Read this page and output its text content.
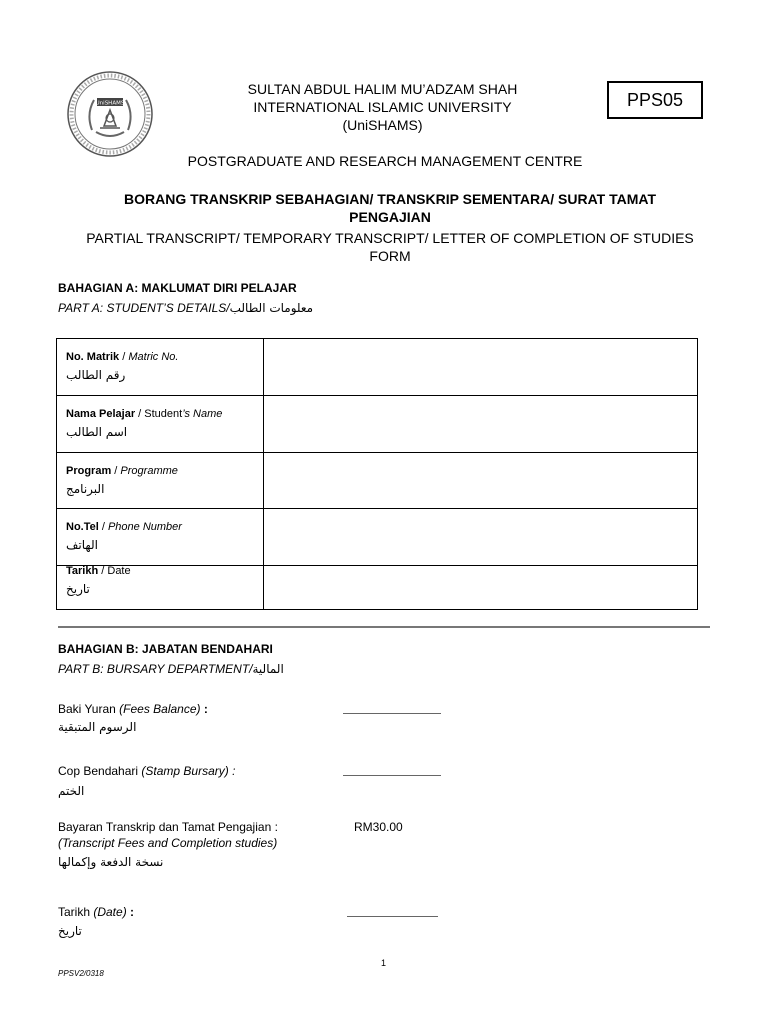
UniSHAMS
SULTAN ABDUL HALIM MU’ADZAM SHAH
INTERNATIONAL ISLAMIC UNIVERSITY
(UniSHAMS)
PPS05
POSTGRADUATE AND RESEARCH MANAGEMENT CENTRE
BORANG TRANSKRIP SEBAHAGIAN/ TRANSKRIP SEMENTARA/ SURAT TAMAT
PENGAJIAN
PARTIAL TRANSCRIPT/ TEMPORARY TRANSCRIPT/ LETTER OF COMPLETION OF STUDIES
FORM
BAHAGIAN A: MAKLUMAT DIRI PELAJAR
PART A: STUDENT’S DETAILS/معلومات الطالب
No. Matrik / Matric No.
رقم الطالب	

Nama Pelajar / Student’s Name
اسم الطالب	

Program / Programme
البرنامج	

No.Tel / Phone Number
الهاتف	

Tarikh / Date
تاريخ	

BAHAGIAN B: JABATAN BENDAHARI
PART B: BURSARY DEPARTMENT/المالية
Baki Yuran (Fees Balance) :
الرسوم المتبقية
Cop Bendahari (Stamp Bursary) :
الختم
Bayaran Transkrip dan Tamat Pengajian :
(Transcript Fees and Completion studies)
نسخة الدفعة وإكمالها
RM30.00
Tarikh (Date) :
تاريخ
1
PPSV2/0318
